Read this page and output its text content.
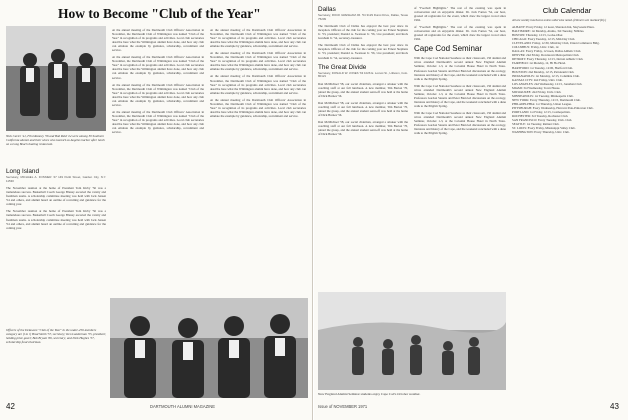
How to Become "Club of the Year"
Nick Carter '41, Flint Ranney '56 and Bob Reid '24 were among 30 Southern California alumni and their wives who toured Los Angeles harbor after lunch on a Long Beach boating restaurant.
Long Island
Secretary, MICHAEL A. FOSSIER '47 149 Pettit Street, Garden City, N.Y. 11530

The November reunion at the home of President Tom Kirby '56 was a tremendous success. Basketball Coach George Blaney escorted the varsity and freshman teams. A scholarship committee meeting was held with Jack Jensen '54 and others, and alumni heard an outline of recruiting and guidance for the coming year.

The November reunion at the home of President Tom Kirby '56 was a tremendous success. Basketball Coach George Blaney escorted the varsity and freshman teams. A scholarship committee meeting was held with Jack Jensen '54 and others, and alumni heard an outline of recruiting and guidance for the coming year.

At the annual meeting of the Dartmouth Club Officers' Association in November, the Dartmouth Club of Wilmington was named "Club of the Year" in recognition of its programs and activities. Local club secretaries describe here what the Wilmington alumni have done, and how any club can emulate the example by guidance, scholarship, recruitment and service.

At the annual meeting of the Dartmouth Club Officers' Association in November, the Dartmouth Club of Wilmington was named "Club of the Year" in recognition of its programs and activities. Local club secretaries describe here what the Wilmington alumni have done, and how any club can emulate the example by guidance, scholarship, recruitment and service.

At the annual meeting of the Dartmouth Club Officers' Association in November, the Dartmouth Club of Wilmington was named "Club of the Year" in recognition of its programs and activities. Local club secretaries describe here what the Wilmington alumni have done, and how any club can emulate the example by guidance, scholarship, recruitment and service.

At the annual meeting of the Dartmouth Club Officers' Association in November, the Dartmouth Club of Wilmington was named "Club of the Year" in recognition of its programs and activities. Local club secretaries describe here what the Wilmington alumni have done, and how any club can emulate the example by guidance, scholarship, recruitment and service.

At the annual meeting of the Dartmouth Club Officers' Association in November, the Dartmouth Club of Wilmington was named "Club of the Year" in recognition of its programs and activities. Local club secretaries describe here what the Wilmington alumni have done, and how any club can emulate the example by guidance, scholarship, recruitment and service.

At the annual meeting of the Dartmouth Club Officers' Association in November, the Dartmouth Club of Wilmington was named "Club of the Year" in recognition of its programs and activities. Local club secretaries describe here what the Wilmington alumni have done, and how any club can emulate the example by guidance, scholarship, recruitment and service.

At the annual meeting of the Dartmouth Club Officers' Association in November, the Dartmouth Club of Wilmington was named "Club of the Year" in recognition of its programs and activities. Local club secretaries describe here what the Wilmington alumni have done, and how any club can emulate the example by guidance, scholarship, recruitment and service.

At the annual meeting of the Dartmouth Club Officers' Association in November, the Dartmouth Club of Wilmington was named "Club of the Year" in recognition of its programs and activities. Local club secretaries describe here what the Wilmington alumni have done, and how any club can emulate the example by guidance, scholarship, recruitment and service.

Officers of the Delaware "Club of the Year" in the under-250-members category are (l to r) Brad Smith '57, secretary; Ken Landerman '55, president; holding prize gavel; Bob Bryant '66, secretary; and Dick Hughes '57, scholarship fund chairman.
42	DARTMOUTH ALUMNI MAGAZINE
Dallas
Secretary, ROCK GRESHAM JR. '54 3129 Dunst Drive, Dallas, Texas 75209

The Dartmouth Club of Dallas has enjoyed the best year since its inception. Officers of the club for the coming year are Ernest Stephens Jr. '53, president; Donald A. Swanson Jr. '56, vice president; and Rock Gresham Jr. '54, secretary-treasurer.

The Dartmouth Club of Dallas has enjoyed the best year since its inception. Officers of the club for the coming year are Ernest Stephens Jr. '53, president; Donald A. Swanson Jr. '56, vice president; and Rock Gresham Jr. '54, secretary-treasurer.

The Great Divide
Secretary, DONALD W. JONES '63 1026 E. Locust St., Littleton, Colo. 80121

Dan McMichael '58, our social chairman, arranged a smoker with the coaching staff at our fall luncheon. A new member, Tim Barton '70, joined the group, and the annual student send-off was held at the home of Dick Burnes '56.

Dan McMichael '58, our social chairman, arranged a smoker with the coaching staff at our fall luncheon. A new member, Tim Barton '70, joined the group, and the annual student send-off was held at the home of Dick Burnes '56.

Dan McMichael '58, our social chairman, arranged a smoker with the coaching staff at our fall luncheon. A new member, Tim Barton '70, joined the group, and the annual student send-off was held at the home of Dick Burnes '56.

of "Football Highlights." The rest of the evening was spent in conversation and an enjoyable dinner. Dr. Jack Farnes '54, our host, greeted all registrants for the event, which drew the largest crowd since 1962.

of "Football Highlights." The rest of the evening was spent in conversation and an enjoyable dinner. Dr. Jack Farnes '54, our host, greeted all registrants for the event, which drew the largest crowd since 1962.

Cape Cod Seminar

With the Cape Cod National Seashore as their classroom, 150 alumni and wives attended Dartmouth's second annual New England Alumni Seminar, October 1-3, at the Colonial House Hotel in North Truro. Professors Gordon Stearns and Peter Bien led discussions on the ecology, literature and history of the Cape, and the weekend concluded with a dune walk to the Pilgrim Spring.

With the Cape Cod National Seashore as their classroom, 150 alumni and wives attended Dartmouth's second annual New England Alumni Seminar, October 1-3, at the Colonial House Hotel in North Truro. Professors Gordon Stearns and Peter Bien led discussions on the ecology, literature and history of the Cape, and the weekend concluded with a dune walk to the Pilgrim Spring.

With the Cape Cod National Seashore as their classroom, 150 alumni and wives attended Dartmouth's second annual New England Alumni Seminar, October 1-3, at the Colonial House Hotel in North Truro. Professors Gordon Stearns and Peter Bien led discussions on the ecology, literature and history of the Cape, and the weekend concluded with a dune walk to the Pilgrim Spring.

New England Alumni Seminar students enjoy Cape Cod's October weather.
Club Calendar

All are weekly luncheons unless otherwise noted. (Dinners are marked (D).)

ALBANY: Every Friday, 12 noon, Sheraton Inn, Stuyvesant Plaza.

BALTIMORE: 1st Monday, Alamo, 3rd Tuesday, Nibbles.

BOSTON: Thursday, 12:15, Locke-Ober.

CHICAGO: Every Tuesday, 12:15, Mid-Day Club.

CLEVELAND: Friday, 12:30, Mid-Day Club, Union Commerce Bldg.

COLUMBUS: Friday, Univ. Club, 12.

DALLAS: Every Friday, 12 noon, Dallas Athletic Club.

DENVER: 2nd Friday, Downtown Metropolitan Club.

DETROIT: Every Thursday, 12:15, Detroit Athletic Club.

FAIRFIELD: 1st Monday, 12, Hi Ho Hotel.

HARTFORD: 1st Tuesday, 12:00, Hartford Club.

HOUSTON: 2nd Monday, 12:15, Petroleum Club.

INDIANAPOLIS: 1st Monday, 12:15, Columbia Club.

KANSAS CITY: 2nd Friday, Univ. Club.

LOS ANGELES: 2nd Wednesday, 12:15, Jonathan Club.

MIAMI: 3rd Wednesday, Town House.

MILWAUKEE: 2nd Friday, Univ. Club.

MINNEAPOLIS: 1st Tuesday, Minneapolis Club.

NEW YORK: Every Thursday, 12:15, Dartmouth Club.

PHILADELPHIA: 1st Thursday, Union League.

PITTSBURGH: Every Wednesday, Harvard-Yale-Princeton Club.

PORTLAND: 1st Friday, 12:15, Cosmopolitan.

ROCHESTER: 3rd Tuesday, Rochester Club.

SAN FRANCISCO: Every Tuesday, Univ. Club.

SEATTLE: 1st Tuesday, Rainier Club.

ST. LOUIS: Every Friday, Mississippi Valley Club.

WASHINGTON: Every Thursday, Univ. Club.

Issue of NOVEMBER 1971	43
